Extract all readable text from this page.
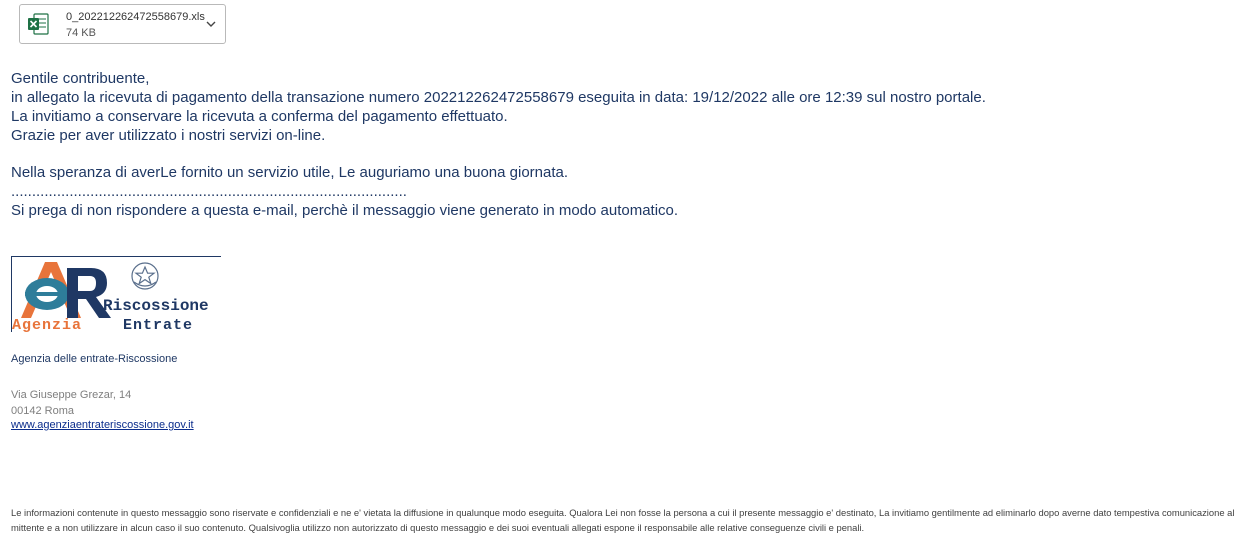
0_202212262472558679.xls
74 KB
Gentile contribuente,
in allegato la ricevuta di pagamento della transazione numero 202212262472558679 eseguita in data: 19/12/2022 alle ore 12:39 sul nostro portale.
La invitiamo a conservare la ricevuta a conferma del pagamento effettuato.
Grazie per aver utilizzato i nostri servizi on-line.
Nella speranza di averLe fornito un servizio utile, Le auguriamo una buona giornata.
...............................................................................................
Si prega di non rispondere a questa e-mail, perchè il messaggio viene generato in modo automatico.
Riscossione
Agenzia	Entrate
Agenzia delle entrate-Riscossione
Via Giuseppe Grezar, 14
00142 Roma
www.agenziaentrateriscossione.gov.it
Le informazioni contenute in questo messaggio sono riservate e confidenziali e ne e' vietata la diffusione in qualunque modo eseguita. Qualora Lei non fosse la persona a cui il presente messaggio e' destinato, La invitiamo gentilmente ad eliminarlo dopo averne dato tempestiva comunicazione al mittente e a non utilizzare in alcun caso il suo contenuto. Qualsivoglia utilizzo non autorizzato di questo messaggio e dei suoi eventuali allegati espone il responsabile alle relative conseguenze civili e penali.
